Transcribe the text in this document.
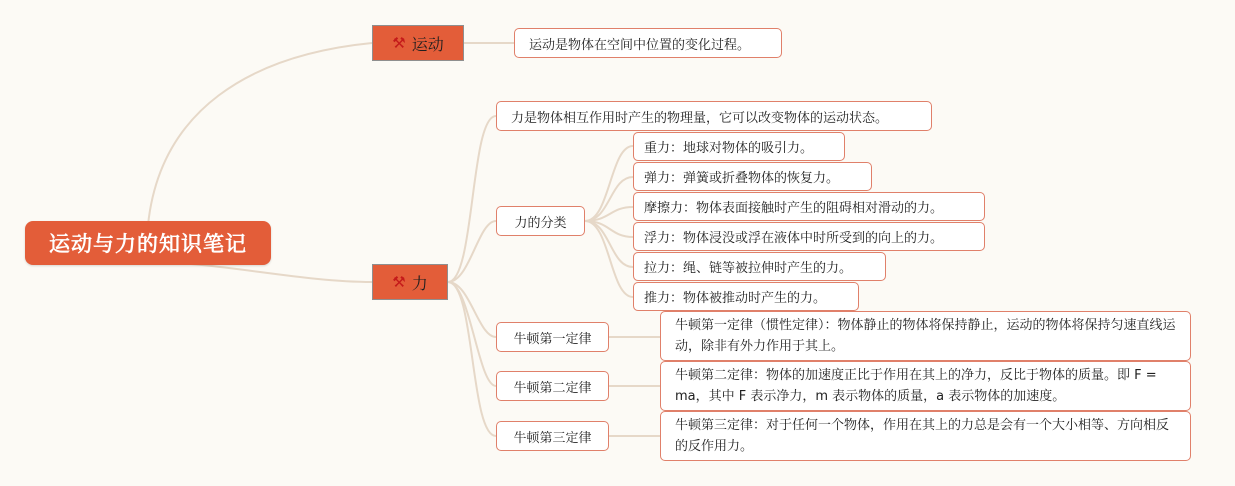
运动与力的知识笔记
⚒ 运动	运动是物体在空间中位置的变化过程。
⚒ 力
力是物体相互作用时产生的物理量，它可以改变物体的运动状态。
力的分类
重力：地球对物体的吸引力。
弹力：弹簧或折叠物体的恢复力。
摩擦力：物体表面接触时产生的阻碍相对滑动的力。
浮力：物体浸没或浮在液体中时所受到的向上的力。
拉力：绳、链等被拉伸时产生的力。
推力：物体被推动时产生的力。
牛顿第一定律
牛顿第一定律（惯性定律）：物体静止的物体将保持静止，运动的物体将保持匀速直线运动，除非有外力作用于其上。
牛顿第二定律
牛顿第二定律：物体的加速度正比于作用在其上的净力，反比于物体的质量。即 F = ma，其中 F 表示净力，m 表示物体的质量，a 表示物体的加速度。
牛顿第三定律
牛顿第三定律：对于任何一个物体，作用在其上的力总是会有一个大小相等、方向相反的反作用力。
